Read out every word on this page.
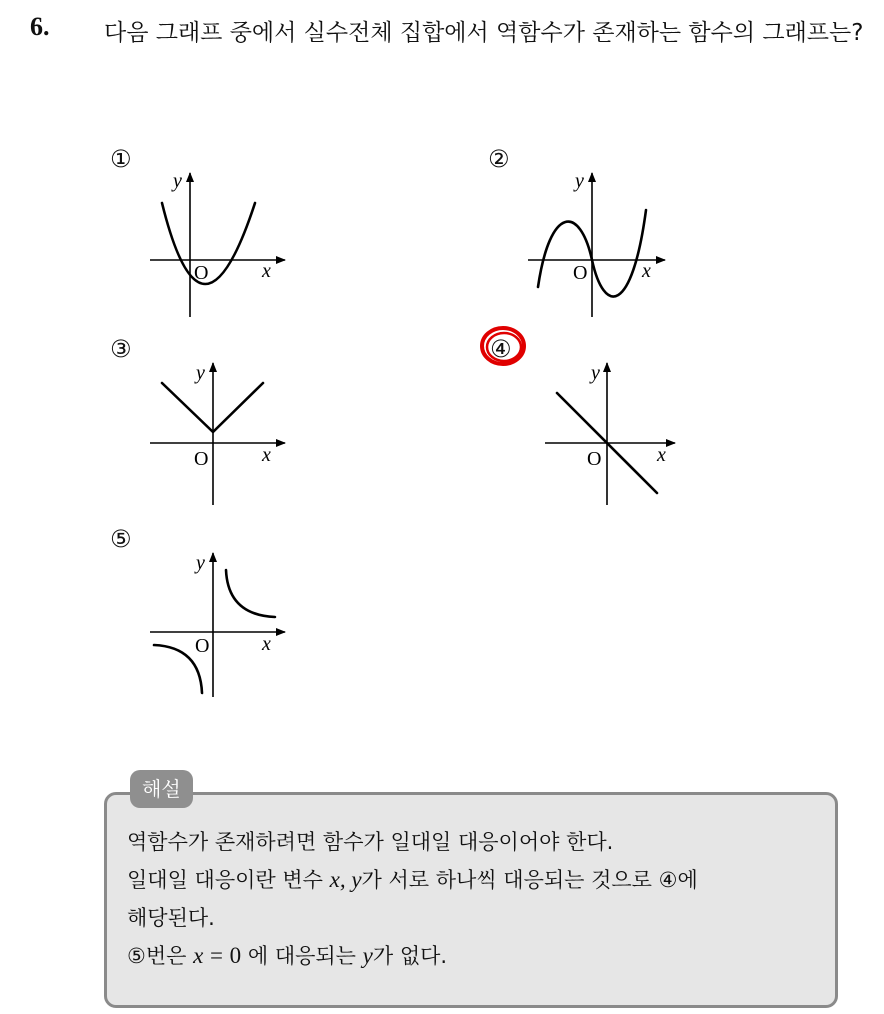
6. 다음 그래프 중에서 실수전체 집합에서 역함수가 존재하는 함수의 그래프는?
①
y
x
O
②
y
x
O
③
y
x
O
④
y
x
O
⑤
y
x
O
해설
역함수가 존재하려면 함수가 일대일 대응이어야 한다.
일대일 대응이란 변수 x, y가 서로 하나씩 대응되는 것으로 ④에
해당된다.
⑤번은 x = 0 에 대응되는 y가 없다.
